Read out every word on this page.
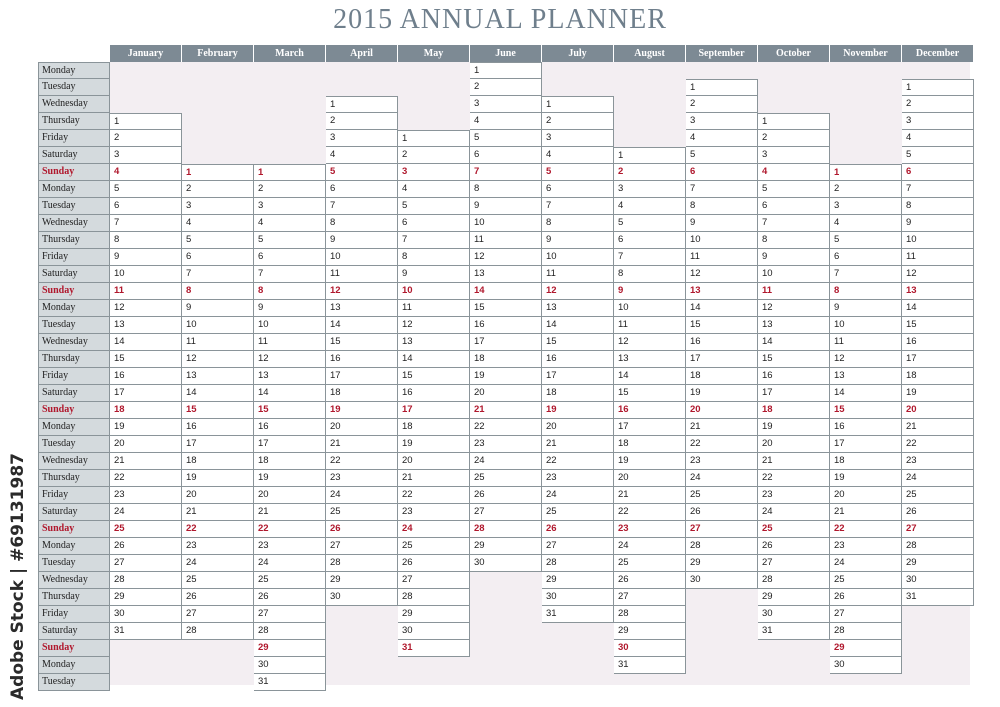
2015 ANNUAL PLANNER
Adobe Stock | #69131987
Monday
Tuesday
Wednesday
Thursday
Friday
Saturday
Sunday
Monday
Tuesday
Wednesday
Thursday
Friday
Saturday
Sunday
Monday
Tuesday
Wednesday
Thursday
Friday
Saturday
Sunday
Monday
Tuesday
Wednesday
Thursday
Friday
Saturday
Sunday
Monday
Tuesday
Wednesday
Thursday
Friday
Saturday
Sunday
Monday
Tuesday
January
1
2
3
4
5
6
7
8
9
10
11
12
13
14
15
16
17
18
19
20
21
22
23
24
25
26
27
28
29
30
31
February
1
2
3
4
5
6
7
8
9
10
11
12
13
14
15
16
17
18
19
20
21
22
23
24
25
26
27
28
March
1
2
3
4
5
6
7
8
9
10
11
12
13
14
15
16
17
18
19
20
21
22
23
24
25
26
27
28
29
30
31
April
1
2
3
4
5
6
7
8
9
10
11
12
13
14
15
16
17
18
19
20
21
22
23
24
25
26
27
28
29
30
May
1
2
3
4
5
6
7
8
9
10
11
12
13
14
15
16
17
18
19
20
21
22
23
24
25
26
27
28
29
30
31
June
1
2
3
4
5
6
7
8
9
10
11
12
13
14
15
16
17
18
19
20
21
22
23
24
25
26
27
28
29
30
July
1
2
3
4
5
6
7
8
9
10
11
12
13
14
15
16
17
18
19
20
21
22
23
24
25
26
27
28
29
30
31
August
1
2
3
4
5
6
7
8
9
10
11
12
13
14
15
16
17
18
19
20
21
22
23
24
25
26
27
28
29
30
31
September
1
2
3
4
5
6
7
8
9
10
11
12
13
14
15
16
17
18
19
20
21
22
23
24
25
26
27
28
29
30
October
1
2
3
4
5
6
7
8
9
10
11
12
13
14
15
16
17
18
19
20
21
22
23
24
25
26
27
28
29
30
31
November
1
2
3
4
5
6
7
8
9
10
11
12
13
14
15
16
17
18
19
20
21
22
23
24
25
26
27
28
29
30
December
1
2
3
4
5
6
7
8
9
10
11
12
13
14
15
16
17
18
19
20
21
22
23
24
25
26
27
28
29
30
31
